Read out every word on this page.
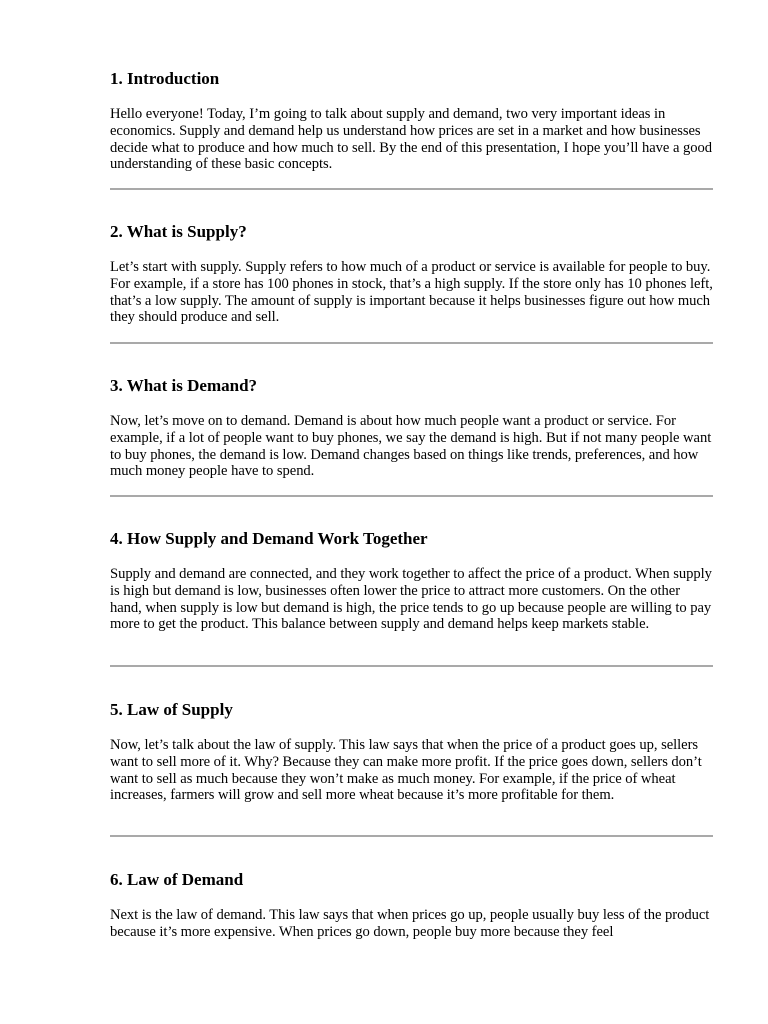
1. Introduction

Hello everyone! Today, I’m going to talk about supply and demand, two very important ideas in economics. Supply and demand help us understand how prices are set in a market and how businesses decide what to produce and how much to sell. By the end of this presentation, I hope you’ll have a good understanding of these basic concepts.

2. What is Supply?

Let’s start with supply. Supply refers to how much of a product or service is available for people to buy. For example, if a store has 100 phones in stock, that’s a high supply. If the store only has 10 phones left, that’s a low supply. The amount of supply is important because it helps businesses figure out how much they should produce and sell.

3. What is Demand?

Now, let’s move on to demand. Demand is about how much people want a product or service. For example, if a lot of people want to buy phones, we say the demand is high. But if not many people want to buy phones, the demand is low. Demand changes based on things like trends, preferences, and how much money people have to spend.

4. How Supply and Demand Work Together

Supply and demand are connected, and they work together to affect the price of a product. When supply is high but demand is low, businesses often lower the price to attract more customers. On the other hand, when supply is low but demand is high, the price tends to go up because people are willing to pay more to get the product. This balance between supply and demand helps keep markets stable.

5. Law of Supply

Now, let’s talk about the law of supply. This law says that when the price of a product goes up, sellers want to sell more of it. Why? Because they can make more profit. If the price goes down, sellers don’t want to sell as much because they won’t make as much money. For example, if the price of wheat increases, farmers will grow and sell more wheat because it’s more profitable for them.

6. Law of Demand

Next is the law of demand. This law says that when prices go up, people usually buy less of the product because it’s more expensive. When prices go down, people buy more because they feel
